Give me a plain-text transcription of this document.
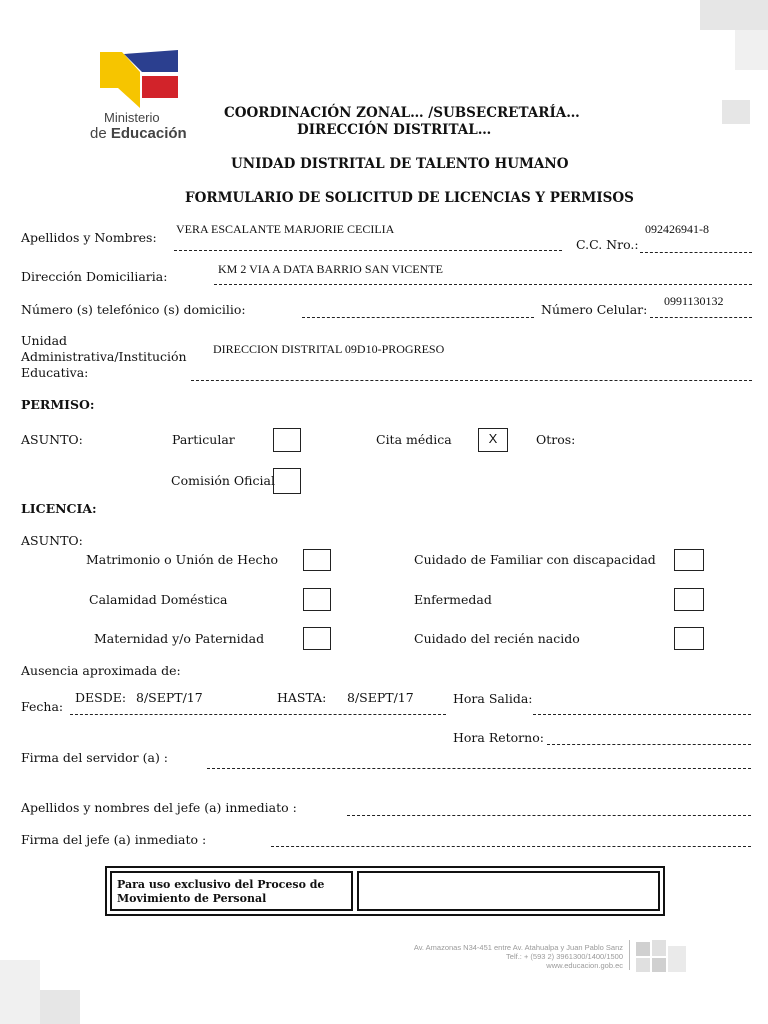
Ministerio
de Educación
COORDINACIÓN ZONAL… /SUBSECRETARÍA…
DIRECCIÓN DISTRITAL…
UNIDAD DISTRITAL DE TALENTO HUMANO
FORMULARIO DE SOLICITUD DE LICENCIAS Y PERMISOS
Apellidos y Nombres:
VERA ESCALANTE MARJORIE CECILIA
C.C. Nro.:
092426941-8
Dirección Domiciliaria:	KM 2 VIA A DATA BARRIO SAN VICENTE
Número (s) telefónico (s) domicilio:	Número Celular:
0991130132
Unidad
Administrativa/Institución
Educativa:
DIRECCION DISTRITAL 09D10-PROGRESO
PERMISO:
ASUNTO:	Particular	Cita médica	X	Otros:
Comisión Oficial
LICENCIA:
ASUNTO:
Matrimonio o Unión de Hecho	Cuidado de Familiar con discapacidad
Calamidad Doméstica	Enfermedad
Maternidad y/o Paternidad	Cuidado del recién nacido
Ausencia aproximada de:
Fecha:
DESDE: 8/SEPT/17	HASTA: 8/SEPT/17	Hora Salida:
Hora Retorno:
Firma del servidor (a) :
Apellidos y nombres del jefe (a) inmediato :
Firma del jefe (a) inmediato :
Para uso exclusivo del Proceso de
Movimiento de Personal
Av. Amazonas N34-451 entre Av. Atahualpa y Juan Pablo Sanz
Telf.: + (593 2) 3961300/1400/1500
www.educacion.gob.ec
